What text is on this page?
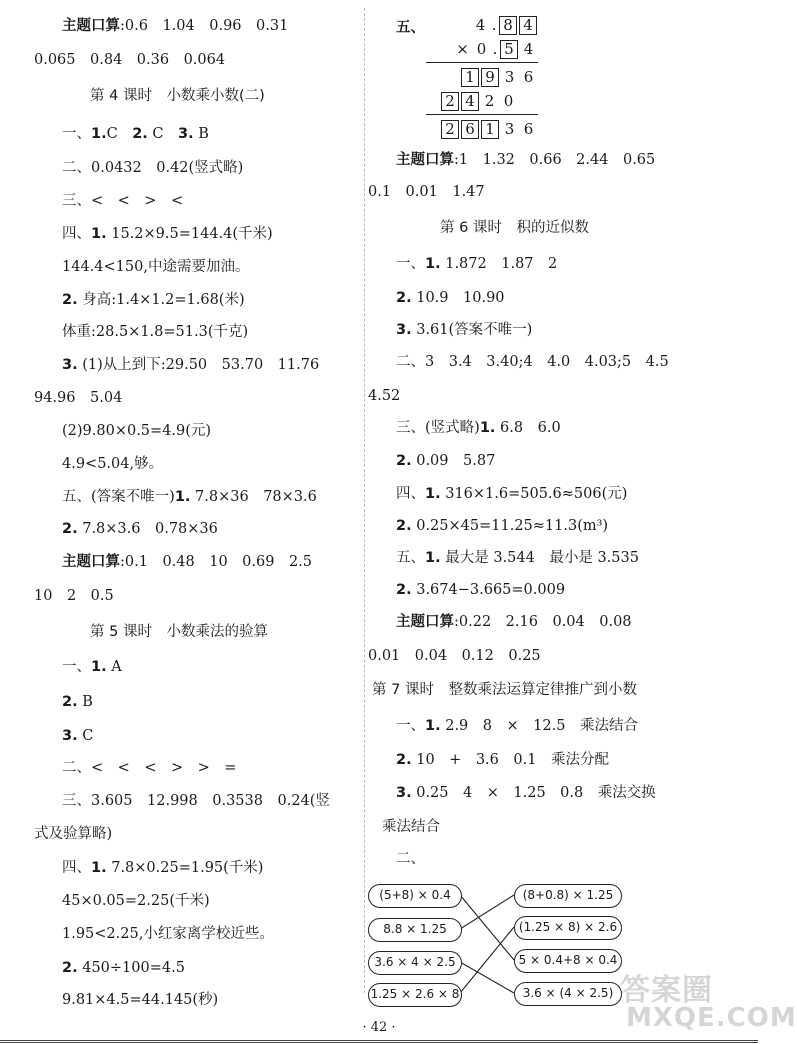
主题口算:0.6　1.04　0.96　0.31
0.065　0.84　0.36　0.064
第 4 课时　小数乘小数(二)
一、1.C　2. C　3. B
二、0.0432　0.42(竖式略)
三、<　<　>　<
四、1. 15.2×9.5=144.4(千米)
144.4<150,中途需要加油。
2. 身高:1.4×1.2=1.68(米)
体重:28.5×1.8=51.3(千克)
3. (1)从上到下:29.50　53.70　11.76
94.96　5.04
(2)9.80×0.5=4.9(元)
4.9<5.04,够。
五、(答案不唯一)1. 7.8×36　78×3.6
2. 7.8×3.6　0.78×36
主题口算:0.1　0.48　10　0.69　2.5
10　2　0.5
第 5 课时　小数乘法的验算
一、1. A
2. B
3. C
二、<　<　<　>　>　=
三、3.605　12.998　0.3538　0.24(竖
式及验算略)
四、1. 7.8×0.25=1.95(千米)
45×0.05=2.25(千米)
1.95<2.25,小红家离学校近些。
2. 450÷100=4.5
9.81×4.5=44.145(秒)
五、	4 . 8 4
× 0 . 5 4
1 9 3 6
2 4 2 0
2 6 1 3 6
主题口算:1　1.32　0.66　2.44　0.65
0.1　0.01　1.47
第 6 课时　积的近似数
一、1. 1.872　1.87　2
2. 10.9　10.90
3. 3.61(答案不唯一)
二、3　3.4　3.40;4　4.0　4.03;5　4.5
4.52
三、(竖式略)1. 6.8　6.0
2. 0.09　5.87
四、1. 316×1.6=505.6≈506(元)
2. 0.25×45=11.25≈11.3(m³)
五、1. 最大是 3.544　最小是 3.535
2. 3.674−3.665=0.009
主题口算:0.22　2.16　0.04　0.08
0.01　0.04　0.12　0.25
第 7 课时　整数乘法运算定律推广到小数
一、1. 2.9　8　×　12.5　乘法结合
2. 10　+　3.6　0.1　乘法分配
3. 0.25　4　×　1.25　0.8　乘法交换
乘法结合
二、
(5+8) × 0.4
8.8 × 1.25
3.6 × 4 × 2.5
1.25 × 2.6 × 8
(8+0.8) × 1.25
(1.25 × 8) × 2.6
5 × 0.4+8 × 0.4
3.6 × (4 × 2.5) 答案圈
MXQE.COM
· 42 ·
